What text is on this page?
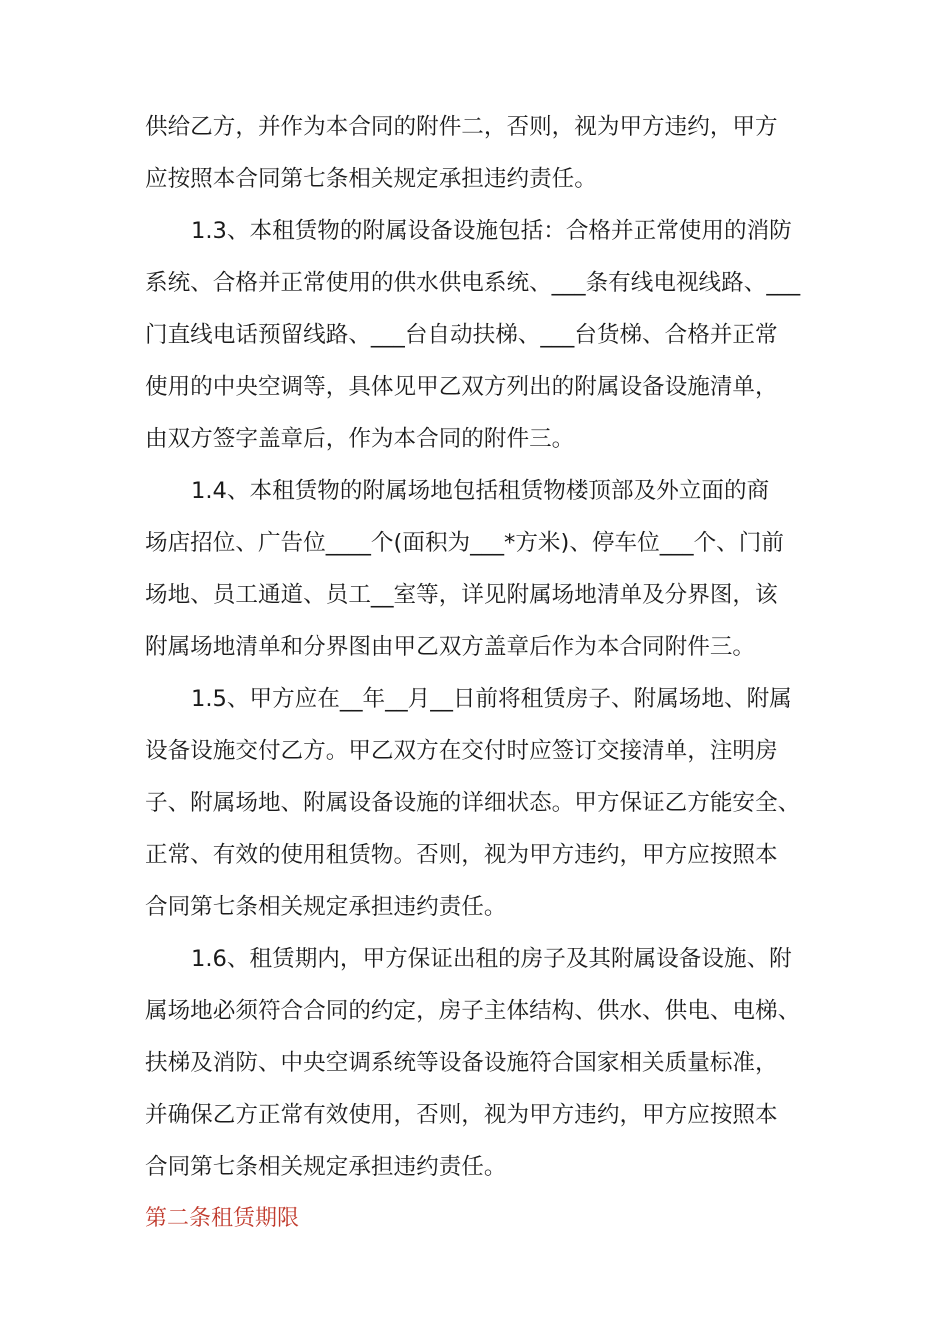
供给乙方，并作为本合同的附件二，否则，视为甲方违约，甲方
应按照本合同第七条相关规定承担违约责任。
1.3、本租赁物的附属设备设施包括：合格并正常使用的消防
系统、合格并正常使用的供水供电系统、___条有线电视线路、___
门直线电话预留线路、___台自动扶梯、___台货梯、合格并正常
使用的中央空调等，具体见甲乙双方列出的附属设备设施清单，
由双方签字盖章后，作为本合同的附件三。
1.4、本租赁物的附属场地包括租赁物楼顶部及外立面的商
场店招位、广告位____个(面积为___*方米)、停车位___个、门前
场地、员工通道、员工__室等，详见附属场地清单及分界图，该
附属场地清单和分界图由甲乙双方盖章后作为本合同附件三。
1.5、甲方应在__年__月__日前将租赁房子、附属场地、附属
设备设施交付乙方。甲乙双方在交付时应签订交接清单，注明房
子、附属场地、附属设备设施的详细状态。甲方保证乙方能安全、
正常、有效的使用租赁物。否则，视为甲方违约，甲方应按照本
合同第七条相关规定承担违约责任。
1.6、租赁期内，甲方保证出租的房子及其附属设备设施、附
属场地必须符合合同的约定，房子主体结构、供水、供电、电梯、
扶梯及消防、中央空调系统等设备设施符合国家相关质量标准，
并确保乙方正常有效使用，否则，视为甲方违约，甲方应按照本
合同第七条相关规定承担违约责任。
第二条租赁期限
